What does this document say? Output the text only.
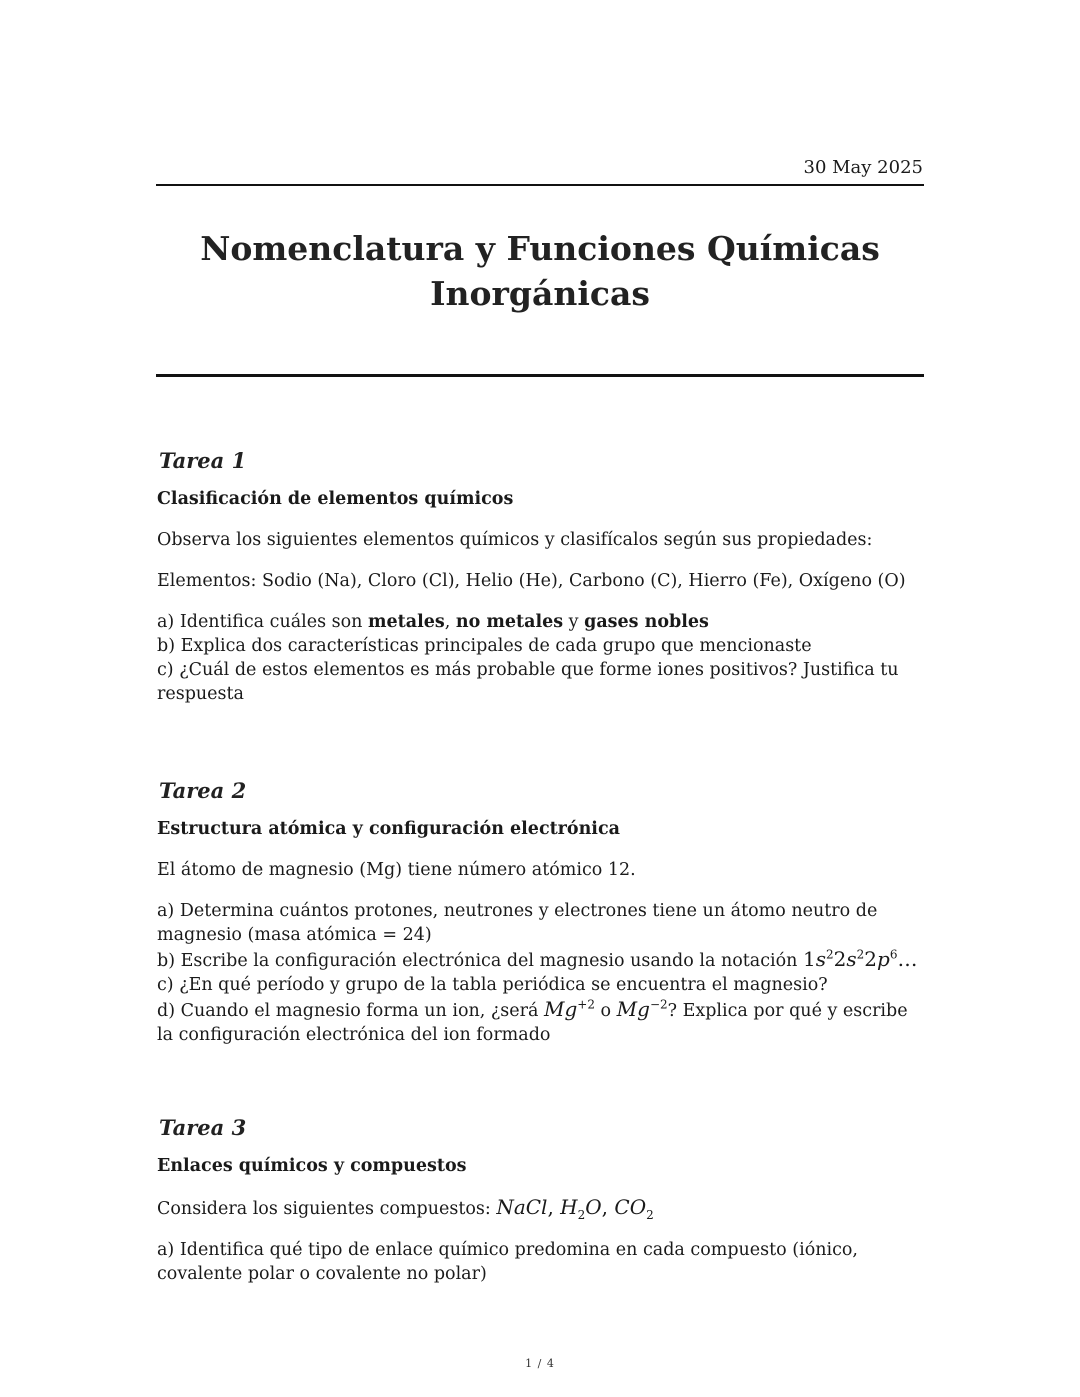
30 May 2025
Nomenclatura y Funciones Químicas
Inorgánicas
Tarea 1
Clasificación de elementos químicos
Observa los siguientes elementos químicos y clasifícalos según sus propiedades:
Elementos: Sodio (Na), Cloro (Cl), Helio (He), Carbono (C), Hierro (Fe), Oxígeno (O)
a) Identifica cuáles son metales, no metales y gases nobles
b) Explica dos características principales de cada grupo que mencionaste
c) ¿Cuál de estos elementos es más probable que forme iones positivos? Justifica tu respuesta
Tarea 2
Estructura atómica y configuración electrónica
El átomo de magnesio (Mg) tiene número atómico 12.
a) Determina cuántos protones, neutrones y electrones tiene un átomo neutro de magnesio (masa atómica = 24)
b) Escribe la configuración electrónica del magnesio usando la notación $1s^22s^22p^6\dots$
c) ¿En qué período y grupo de la tabla periódica se encuentra el magnesio?
d) Cuando el magnesio forma un ion, ¿será $Mg^{+2}$ o $Mg^{-2}$? Explica por qué y escribe la configuración electrónica del ion formado
Tarea 3
Enlaces químicos y compuestos
Considera los siguientes compuestos: NaCl, $H_2O$, $CO_2$
a) Identifica qué tipo de enlace químico predomina en cada compuesto (iónico, covalente polar o covalente no polar)
1 / 4
